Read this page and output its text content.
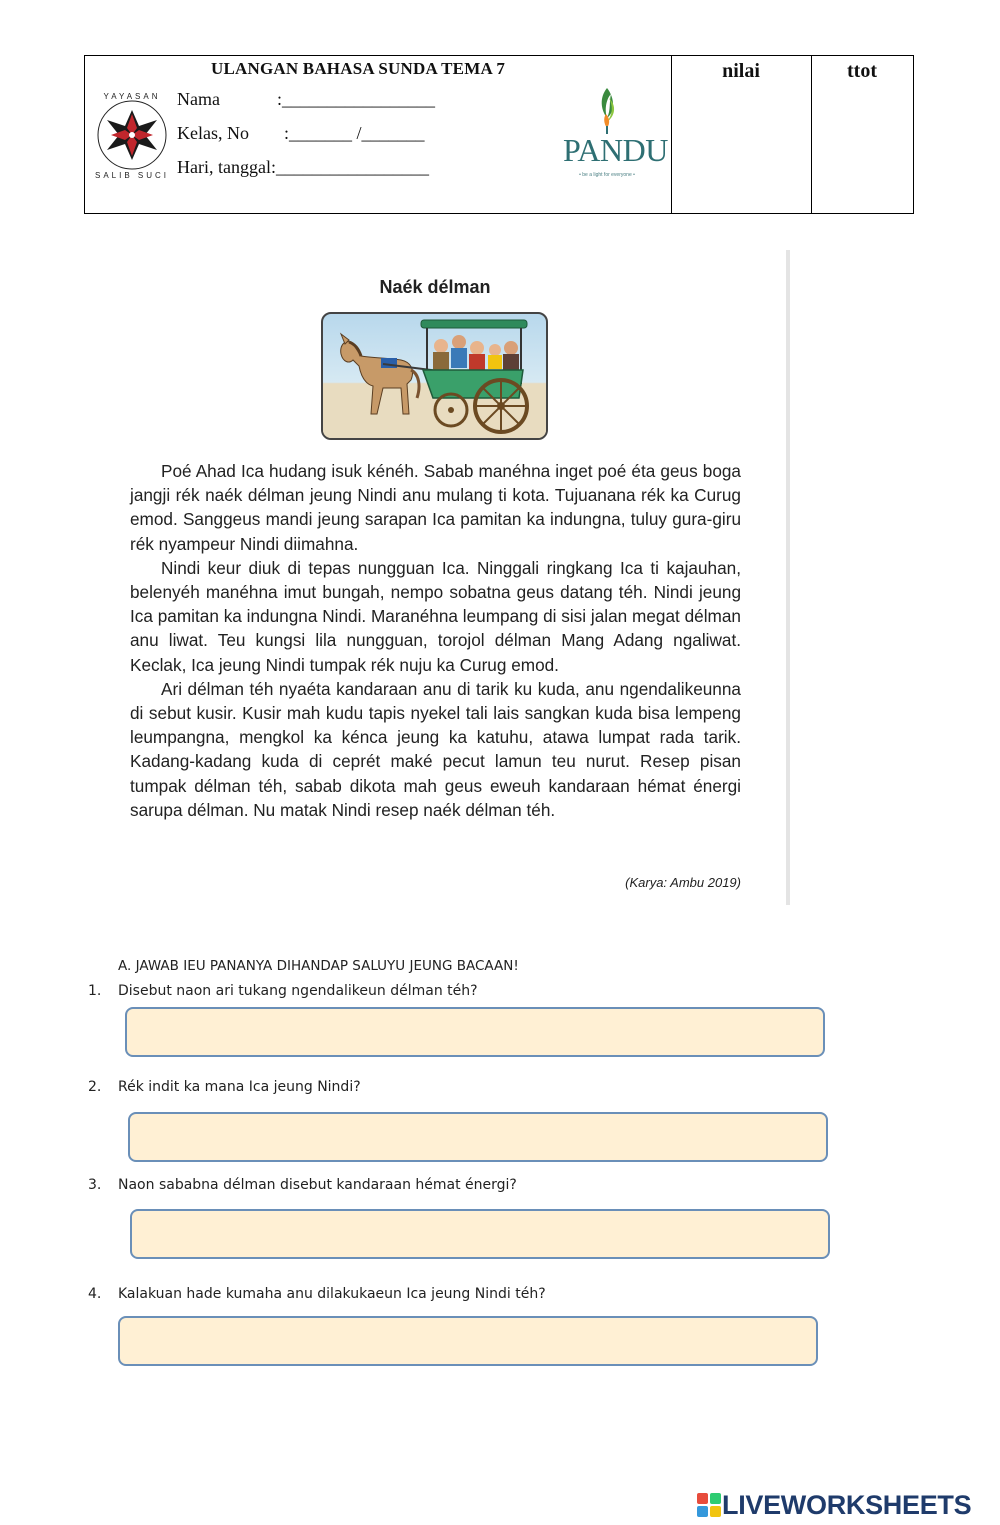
YAYASAN
SALIB SUCI
ULANGAN BAHASA SUNDA TEMA 7
Nama	:_________________
Kelas, No :_______ /_______
Hari, tanggal:_________________	PANDU
• be a light for everyone •
nilai	ttot
Naék délman

Poé Ahad Ica hudang isuk kénéh. Sabab manéhna inget poé éta geus boga jangji rék naék délman jeung Nindi anu mulang ti kota. Tujuanana rék ka Curug emod. Sanggeus mandi jeung sarapan Ica pamitan ka indungna, tuluy gura-giru rék nyampeur Nindi diimahna.

Nindi keur diuk di tepas nungguan Ica. Ninggali ringkang Ica ti kajauhan, belenyéh manéhna imut bungah, nempo sobatna geus datang téh. Nindi jeung Ica pamitan ka indungna Nindi. Maranéhna leumpang di sisi jalan megat délman anu liwat. Teu kungsi lila nungguan, torojol délman Mang Adang ngaliwat. Keclak, Ica jeung Nindi tumpak rék nuju ka Curug emod.

Ari délman téh nyaéta kandaraan anu di tarik ku kuda, anu ngendalikeunna di sebut kusir. Kusir mah kudu tapis nyekel tali lais sangkan kuda bisa lempeng leumpangna, mengkol ka kénca jeung ka katuhu, atawa lumpat rada tarik. Kadang-kadang kuda di ceprét maké pecut lamun teu nurut. Resep pisan tumpak délman téh, sabab dikota mah geus eweuh kandaraan hémat énergi sarupa délman. Nu matak Nindi resep naék délman téh.

(Karya: Ambu 2019)
A. JAWAB IEU PANANYA DIHANDAP SALUYU JEUNG BACAAN!
1. Disebut naon ari tukang ngendalikeun délman téh?
2. Rék indit ka mana Ica jeung Nindi?
3. Naon sababna délman disebut kandaraan hémat énergi?
4. Kalakuan hade kumaha anu dilakukaeun Ica jeung Nindi téh?
LIVEWORKSHEETS
